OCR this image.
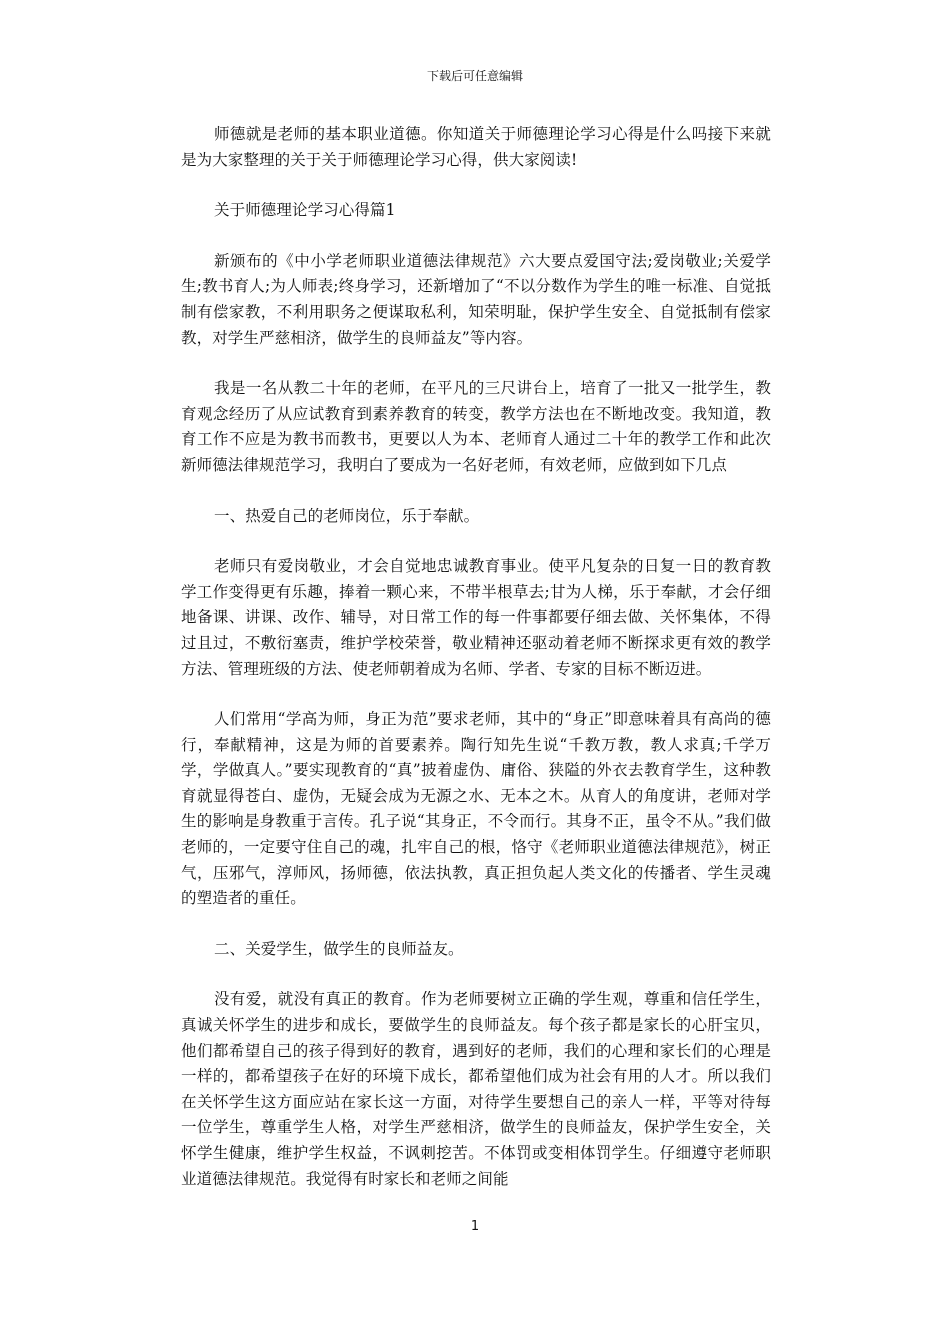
下载后可任意编辑

师德就是老师的基本职业道德。你知道关于师德理论学习心得是什么吗接下来就是为大家整理的关于关于师德理论学习心得，供大家阅读!

关于师德理论学习心得篇1

新颁布的《中小学老师职业道德法律规范》六大要点爱国守法;爱岗敬业;关爱学生;教书育人;为人师表;终身学习，还新增加了“不以分数作为学生的唯一标准、自觉抵制有偿家教，不利用职务之便谋取私利，知荣明耻，保护学生安全、自觉抵制有偿家教，对学生严慈相济，做学生的良师益友”等内容。

我是一名从教二十年的老师，在平凡的三尺讲台上，培育了一批又一批学生，教育观念经历了从应试教育到素养教育的转变，教学方法也在不断地改变。我知道，教育工作不应是为教书而教书，更要以人为本、老师育人通过二十年的教学工作和此次新师德法律规范学习，我明白了要成为一名好老师，有效老师，应做到如下几点

一、热爱自己的老师岗位，乐于奉献。

老师只有爱岗敬业，才会自觉地忠诚教育事业。使平凡复杂的日复一日的教育教学工作变得更有乐趣，捧着一颗心来，不带半根草去;甘为人梯，乐于奉献，才会仔细地备课、讲课、改作、辅导，对日常工作的每一件事都要仔细去做、关怀集体，不得过且过，不敷衍塞责，维护学校荣誉，敬业精神还驱动着老师不断探求更有效的教学方法、管理班级的方法、使老师朝着成为名师、学者、专家的目标不断迈进。

人们常用“学高为师，身正为范”要求老师，其中的“身正”即意味着具有高尚的德行，奉献精神，这是为师的首要素养。陶行知先生说“千教万教，教人求真;千学万学，学做真人。”要实现教育的“真”披着虚伪、庸俗、狭隘的外衣去教育学生，这种教育就显得苍白、虚伪，无疑会成为无源之水、无本之木。从育人的角度讲，老师对学生的影响是身教重于言传。孔子说“其身正，不令而行。其身不正，虽令不从。”我们做老师的，一定要守住自己的魂，扎牢自己的根，恪守《老师职业道德法律规范》，树正气，压邪气，淳师风，扬师德，依法执教，真正担负起人类文化的传播者、学生灵魂的塑造者的重任。

二、关爱学生，做学生的良师益友。

没有爱，就没有真正的教育。作为老师要树立正确的学生观，尊重和信任学生，真诚关怀学生的进步和成长，要做学生的良师益友。每个孩子都是家长的心肝宝贝，他们都希望自己的孩子得到好的教育，遇到好的老师，我们的心理和家长们的心理是一样的，都希望孩子在好的环境下成长，都希望他们成为社会有用的人才。所以我们在关怀学生这方面应站在家长这一方面，对待学生要想自己的亲人一样，平等对待每一位学生，尊重学生人格，对学生严慈相济，做学生的良师益友，保护学生安全，关怀学生健康，维护学生权益，不讽刺挖苦。不体罚或变相体罚学生。仔细遵守老师职业道德法律规范。我觉得有时家长和老师之间能

1
